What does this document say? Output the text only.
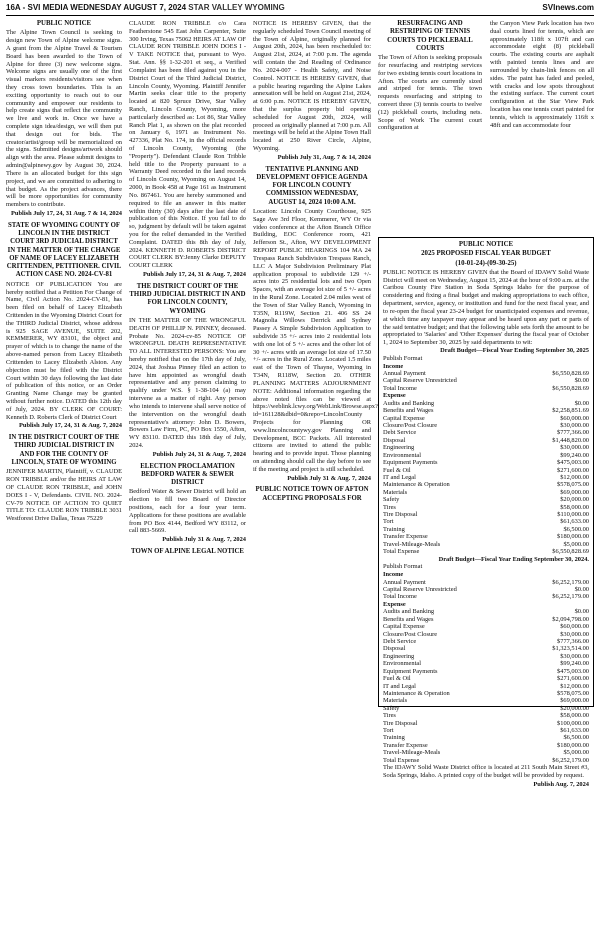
16A - SVI MEDIA WEDNESDAY AUGUST 7, 2024 STAR VALLEY WYOMING	SVInews.com
PUBLIC NOTICE
The Alpine Town Council is seeking to design new Town of Alpine welcome signs. A grant from the Alpine Travel & Tourism Board has been awarded to the Town of Alpine for three (3) new welcome signs. Welcome signs are usually one of the first visual markers residents/visitors see when they cross town boundaries. This is an exciting opportunity to reach out to our community and empower our residents to help create signs that reflect the community we live and work in. Once we have a complete sign idea/design, we will then put that design out for bids. The creator/artist/group will be memorialized on the signs. Submitted designs/artwork should align with the area. Please submit designs to admin@alpinewy.gov by August 30, 2024. There is an allocated budget for this sign project, and we are committed to adhering to that budget. As the project advances, there will be more opportunities for community members to contribute.
Publish July 17, 24, 31 Aug. 7 & 14, 2024
STATE OF WYOMING COUNTY OF LINCOLN IN THE DISTRICT COURT 3RD JUDICIAL DISTRICT IN THE MATTER OF THE CHANGE OF NAME OF LACEY ELIZABETH CRITTENDEN, PETITIONER. CIVIL ACTION CASE NO. 2024-CV-81
NOTICE OF PUBLICATION You are hereby notified that a Petition For Change of Name, Civil Action No. 2024-CV-81, has been filed on behalf of Lacey Elizabeth Crittenden in the Wyoming District Court for the THIRD Judicial District, whose address is 925 SAGE AVENUE, SUITE 202, KEMMERER, WY 83101, the object and prayer of which is to change the name of the above-named person from Lacey Elizabeth Crittenden to Lacey Elizabeth Alston. Any objection must be filed with the District Court within 30 days following the last date of publication of this notice, or an Order Granting Name Change may be granted without further notice. DATED this 12th day of July, 2024. BY CLERK OF COURT: Kenneth D. Roberts Clerk of District Court
Publish July 17, 24, 31 & Aug. 7, 2024
IN THE DISTRICT COURT OF THE THIRD JUDICIAL DISTRICT IN AND FOR THE COUNTY OF LINCOLN, STATE OF WYOMING
JENNIFER MARTIN, Plaintiff, v. CLAUDE RON TRIBBLE and/or the HEIRS AT LAW OF CLAUDE RON TRIBBLE, and JOHN DOES I - V, Defendants. CIVIL NO. 2024-CV-79 NOTICE OF ACTION TO QUIET TITLE TO: CLAUDE RON TRIBBLE 3031 Westforest Drive Dallas, Texas 75229
CLAUDE RON TRIBBLE c/o Cara Featherstone 545 East John Carpenter, Suite 300 Irving, Texas 75062 HEIRS AT LAW OF CLAUDE RON TRIBBLE JOHN DOES I - V TAKE NOTICE that, pursuant to Wyo. Stat. Ann. §§ 1-32-201 et seq., a Verified Complaint has been filed against you in the District Court of the Third Judicial District, Lincoln County, Wyoming. Plaintiff Jennifer Martin seeks clear title to the property located at 820 Spruce Drive, Star Valley Ranch, Lincoln County, Wyoming, more particularly described as: Lot 86, Star Valley Ranch Plat 1, as shown on the plat recorded on January 6, 1971 as Instrument No. 427336, Plat No. 174, in the official records of Lincoln County, Wyoming (the "Property"). Defendant Claude Ron Tribble held title to the Property pursuant to a Warranty Deed recorded in the land records of Lincoln County, Wyoming on August 14, 2000, in Book 458 at Page 161 as Instrument No. 867461. You are hereby summoned and required to file an answer in this matter within thirty (30) days after the last date of publication of this Notice. If you fail to do so, judgment by default will be taken against you for the relief demanded in the Verified Complaint. DATED this 8th day of July, 2024. KENNETH D. ROBERTS DISTRICT COURT CLERK BY:Jenny Clarke DEPUTY COURT CLERK
Publish July 17, 24, 31 & Aug. 7, 2024
THE DISTRICT COURT OF THE THIRD JUDICIAL DISTRICT IN AND FOR LINCOLN COUNTY, WYOMING
IN THE MATTER OF THE WRONGFUL DEATH OF PHILLIP N. PINNEY, deceased. Probate No. 2024-cv-85 NOTICE OF WRONGFUL DEATH REPRESENTATIVE TO ALL INTERESTED PERSONS: You are hereby notified that on the 17th day of July, 2024, that Joshua Pinney filed an action to have him appointed as wrongful death representative and any person claiming to qualify under W.S. § 1-38-104 (a) may intervene as a matter of right. Any person who intends to intervene shall serve notice of the intervention on the wrongful death representative's attorney: John D. Bowers, Bowers Law Firm, PC, PO Box 1550, Afton, WY 83110. DATED this 18th day of July, 2024.
Publish July 24, 31 & Aug. 7, 2024
ELECTION PROCLAMATION BEDFORD WATER & SEWER DISTRICT
Bedford Water & Sewer District will hold an election to fill two Board of Director positions, each for a four year term. Applications for these positions are available from PO Box 4144, Bedford WY 83112, or call 883-5669.
Publish July 31 & Aug. 7, 2024
TOWN OF ALPINE LEGAL NOTICE
NOTICE IS HEREBY GIVEN, that the regularly scheduled Town Council meeting of the Town of Alpine, originally planned for August 20th, 2024, has been rescheduled to: August 21st, 2024, at 7:00 p.m. The agenda will contain the 2nd Reading of Ordinance No. 2024-007 - Health Safety, and Noise Control. NOTICE IS HEREBY GIVEN, that a public hearing regarding the Alpine Lakes annexation will be held on August 21st, 2024, at 6:00 p.m. NOTICE IS HEREBY GIVEN, that the surplus property bid opening scheduled for August 20th, 2024, will proceed as originally planned at 7:00 p.m. All meetings will be held at the Alpine Town Hall located at 250 River Circle, Alpine, Wyoming.
Publish July 31, Aug. 7 & 14, 2024
TENTATIVE PLANNING AND DEVELOPMENT OFFICE AGENDA FOR LINCOLN COUNTY COMMISSION WEDNESDAY, AUGUST 14, 2024 10:00 A.M.
Location: Lincoln County Courthouse, 925 Sage Ave 3rd Floor, Kemmerer, WY Or via video conference at the Afton Branch Office Building, EOC Conference room, 421 Jefferson St., Afton, WY DEVELOPMENT REPORT PUBLIC HEARINGS 104 MA 24 Trespass Ranch Subdivision Trespass Ranch, LLC A Major Subdivision Preliminary Plat application proposal to subdivide 129 +/- acres into 25 residential lots and two Open Spaces, with an average lot size of 5 +/- acres in the Rural Zone. Located 2.04 miles west of the Town of Star Valley Ranch, Wyoming in T35N, R119W, Section 21. 406 SS 24 Magnolia Willows Derrick and Sydney Passey A Simple Subdivision Application to subdivide 35 +/- acres into 2 residential lots with one lot of 5 +/- acres and the other lot of 30 +/- acres with an average lot size of 17.50 +/- acres in the Rural Zone. Located 1.5 miles east of the Town of Thayne, Wyoming in T34N, R118W, Section 20. OTHER PLANNING MATTERS ADJOURNMENT NOTE: Additional information regarding the above noted files can be viewed at https://weblink.lcwy.org/WebLink/Browse.aspx?id=161128&dbid=0&repo=LincolnCounty Projects for Planning OR www.lincolncountywy.gov Planning and Development, BCC Packets. All interested citizens are invited to attend the public hearing and to provide input. Those planning on attending should call the day before to see if the meeting and project is still scheduled.
Publish July 31 & Aug. 7, 2024
PUBLIC NOTICE TOWN OF AFTON ACCEPTING PROPOSALS FOR
RESURFACING AND RESTRIPING OF TENNIS COURTS TO PICKLEBALL COURTS
The Town of Afton is seeking proposals for resurfacing and restriping services for two existing tennis court locations in Afton. The courts are currently sized and striped for tennis. The town requests resurfacing and striping to convert three (3) tennis courts to twelve (12) pickleball courts, including nets. Scope of Work The current court configuration at
the Canyon View Park location has two dual courts lined for tennis, which are approximately 118ft x 107ft and can accommodate eight (8) pickleball courts. The existing courts are asphalt with painted tennis lines and are surrounded by chain-link fences on all sides. The paint has faded and peeled, with cracks and low spots throughout the existing surface. The current court configuration at the Star View Park location has one tennis court painted for tennis, which is approximately 116ft x 48ft and can accommodate four
PUBLIC NOTICE
2025 PROPOSED FISCAL YEAR BUDGET
(10-01-24)-(09-30-25)
PUBLIC NOTICE IS HEREBY GIVEN that the Board of IDAWY Solid Waste District will meet on Wednesday, August 15, 2024 at the hour of 9:00 a.m. at the Caribou County Fire Station in Soda Springs Idaho for the purpose of considering and fixing a final budget and making appropriations to each office, department, service, agency, or institution and fund for the next fiscal year, and to re-open the fiscal year 23-24 budget for unanticipated expenses and revenue, at which time any taxpayer may appear and be heard upon any part or parts of the said tentative budget; and that the following table sets forth the amount to be appropriated to 'Salaries' and 'Other Expenses' during the fiscal year of October 1, 2024 to September 30, 2025 by said departments to wit:
Draft Budget—Fiscal Year Ending September 30, 2025
Publish Format
Income
Annual Payment	$6,550,828.69
Capital Reserve Unrestricted	$0.00
Total Income	$6,550,828.69
Expense
Audits and Banking	$0.00
Benefits and Wages	$2,258,851.69
Capital Expense	$60,000.00
Closure/Post Closure	$30,000.00
Debt Service	$777,366.00
Disposal	$1,448,820.00
Engineering	$30,000.00
Environmental	$99,240.00
Equipment Payments	$475,003.00
Fuel & Oil	$271,600.00
IT and Legal	$12,000.00
Maintenance & Operation	$578,075.00
Materials	$69,000.00
Safety	$20,000.00
Tires	$58,000.00
Tire Disposal	$110,000.00
Tort	$61,633.00
Training	$6,500.00
Transfer Expense	$180,000.00
Travel-Mileage-Meals	$5,000.00
Total Expense	$6,550,828.69
Draft Budget—Fiscal Year Ending September 30, 2024.
Publish Format
Income
Annual Payment	$6,252,179.00
Capital Reserve Unrestricted	$0.00
Total Income	$6,252,179.00
Expense
Audits and Banking	$0.00
Benefits and Wages	$2,094,798.00
Capital Expense	$60,000.00
Closure/Post Closure	$30,000.00
Debt Service	$777,366.00
Disposal	$1,323,514.00
Engineering	$30,000.00
Environmental	$99,240.00
Equipment Payments	$475,003.00
Fuel & Oil	$271,600.00
IT and Legal	$12,000.00
Maintenance & Operation	$578,075.00
Materials	$69,000.00
Safety	$20,000.00
Tires	$58,000.00
Tire Disposal	$100,000.00
Tort	$61,633.00
Training	$6,500.00
Transfer Expense	$180,000.00
Travel-Mileage-Meals	$5,000.00
Total Expense	$6,252,179.00
The IDAWY Solid Waste District office is located at 211 South Main Street #3, Soda Springs, Idaho. A printed copy of the budget will be provided by request.
Publish Aug. 7, 2024
